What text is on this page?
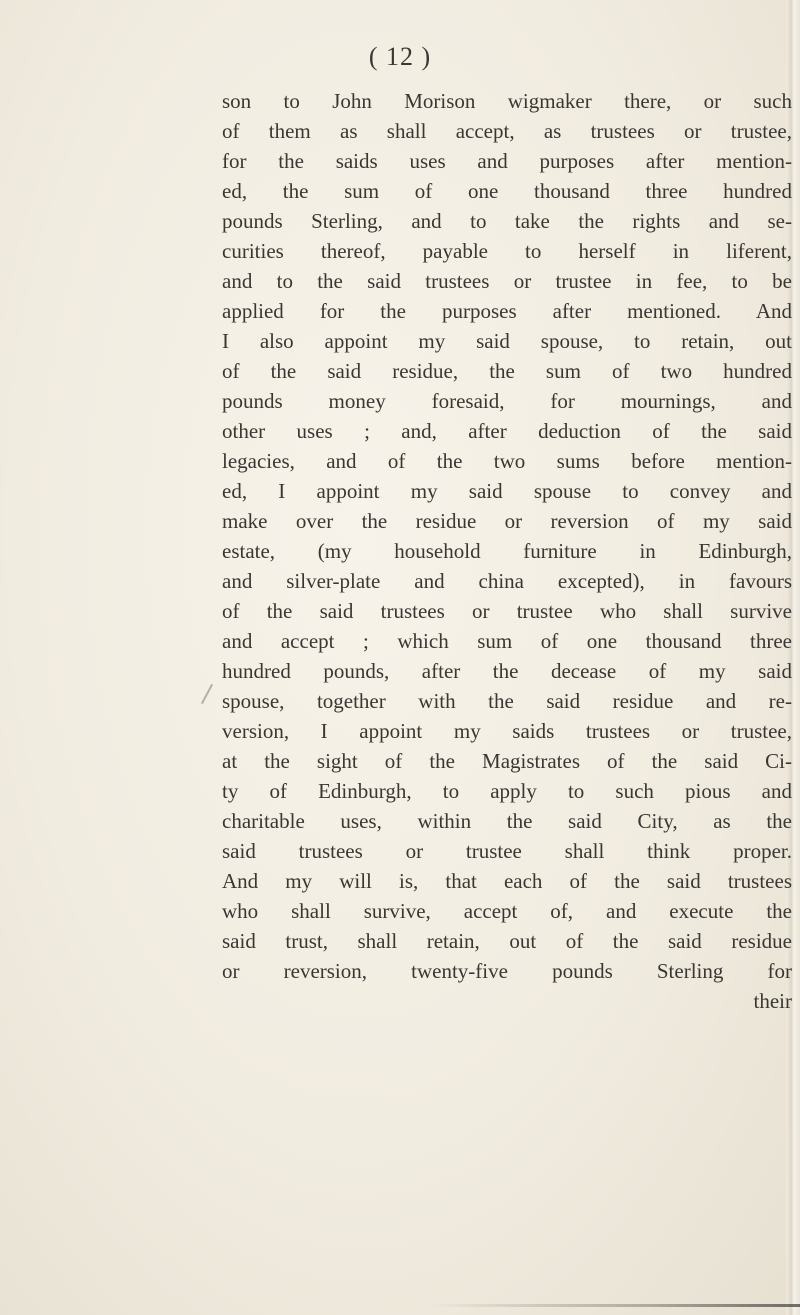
( 12 )
son to John Morison wigmaker there, or such
of them as shall accept, as trustees or trustee,
for the saids uses and purposes after mention-
ed, the sum of one thousand three hundred
pounds Sterling, and to take the rights and se-
curities thereof, payable to herself in liferent,
and to the said trustees or trustee in fee, to be
applied for the purposes after mentioned. And
I also appoint my said spouse, to retain, out
of the said residue, the sum of two hundred
pounds money foresaid, for mournings, and
other uses ; and, after deduction of the said
legacies, and of the two sums before mention-
ed, I appoint my said spouse to convey and
make over the residue or reversion of my said
estate, (my household furniture in Edinburgh,
and silver-plate and china excepted), in favours
of the said trustees or trustee who shall survive
and accept ; which sum of one thousand three
hundred pounds, after the decease of my said
spouse, together with the said residue and re-
version, I appoint my saids trustees or trustee,
at the sight of the Magistrates of the said Ci-
ty of Edinburgh, to apply to such pious and
charitable uses, within the said City, as the
said trustees or trustee shall think proper.
And my will is, that each of the said trustees
who shall survive, accept of, and execute the
said trust, shall retain, out of the said residue
or reversion, twenty-five pounds Sterling for
their
